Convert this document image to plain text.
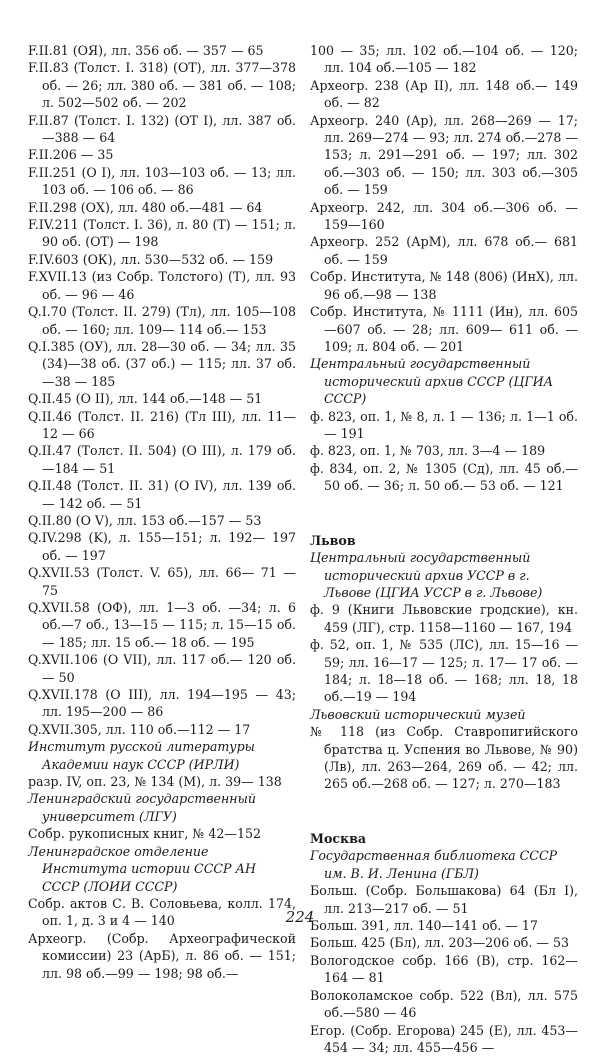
F.II.81 (ОЯ), лл. 356 об. — 357 — 65

F.II.83 (Толст. I. 318) (OT), лл. 377—378 об. — 26; лл. 380 об. — 381 об. — 108; л. 502—502 об. — 202

F.II.87 (Толст. I. 132) (OT I), лл. 387 об. —388 — 64

F.II.206 — 35

F.II.251 (O I), лл. 103—103 об. — 13; лл. 103 об. — 106 об. — 86

F.II.298 (ОХ), лл. 480 об.—481 — 64

F.IV.211 (Толст. I. 36), л. 80 (T) — 151; л. 90 об. (OT) — 198

F.IV.603 (ОК), лл. 530—532 об. — 159

F.XVII.13 (из Собр. Толстого) (T), лл. 93 об. — 96 — 46

Q.I.70 (Толст. II. 279) (Тл), лл. 105—108 об. — 160; лл. 109— 114 об.— 153

Q.I.385 (ОУ), лл. 28—30 об. — 34; лл. 35 (34)—38 об. (37 об.) — 115; лл. 37 об.—38 — 185

Q.II.45 (O II), лл. 144 об.—148 — 51

Q.II.46 (Толст. II. 216) (Тл III), лл. 11—12 — 66

Q.II.47 (Толст. II. 504) (O III), л. 179 об. —184 — 51

Q.II.48 (Толст. II. 31) (O IV), лл. 139 об. — 142 об. — 51

Q.II.80 (O V), лл. 153 об.—157 — 53

Q.IV.298 (K), л. 155—151; л. 192— 197 об. — 197

Q.XVII.53 (Толст. V. 65), лл. 66— 71 — 75

Q.XVII.58 (ОФ), лл. 1—3 об. —34; л. 6 об.—7 об., 13—15 — 115; л. 15—15 об. — 185; лл. 15 об.— 18 об. — 195

Q.XVII.106 (O VII), лл. 117 об.— 120 об. — 50

Q.XVII.178 (O III), лл. 194—195 — 43; лл. 195—200 — 86

Q.XVII.305, лл. 110 об.—112 — 17

Институт русской литературы Академии наук СССР (ИРЛИ)

разр. IV, оп. 23, № 134 (M), л. 39— 138

Ленинградский государственный университет (ЛГУ)

Собр. рукописных книг, № 42—152

Ленинградское отделение Института истории СССР АН СССР (ЛОИИ СССР)

Собр. актов С. В. Соловьева, колл. 174, оп. 1, д. 3 и 4 — 140

Археогр. (Собр. Археографической комиссии) 23 (АрБ), л. 86 об. — 151; лл. 98 об.—99 — 198; 98 об.—

100 — 35; лл. 102 об.—104 об. — 120; лл. 104 об.—105 — 182

Археогр. 238 (Ар II), лл. 148 об.— 149 об. — 82

Археогр. 240 (Ар), лл. 268—269 — 17; лл. 269—274 — 93; лл. 274 об.—278 — 153; л. 291—291 об. — 197; лл. 302 об.—303 об. — 150; лл. 303 об.—305 об. — 159

Археогр. 242, лл. 304 об.—306 об. — 159—160

Археогр. 252 (АрМ), лл. 678 об.— 681 об. — 159

Собр. Института, № 148 (806) (ИнХ), лл. 96 об.—98 — 138

Собр. Института, № 1111 (Ин), лл. 605—607 об. — 28; лл. 609— 611 об. — 109; л. 804 об. — 201

Центральный государственный исторический архив СССР (ЦГИА СССР)

ф. 823, оп. 1, № 8, л. 1 — 136; л. 1—1 об. — 191

ф. 823, оп. 1, № 703, лл. 3—4 — 189

ф. 834, оп. 2, № 1305 (Сд), лл. 45 об.—50 об. — 36; л. 50 об.— 53 об. — 121

Львов

Центральный государственный исторический архив УССР в г. Львове (ЦГИА УССР в г. Львове)

ф. 9 (Книги Львовские гродские), кн. 459 (ЛГ), стр. 1158—1160 — 167, 194

ф. 52, оп. 1, № 535 (ЛС), лл. 15—16 — 59; лл. 16—17 — 125; л. 17— 17 об. — 184; л. 18—18 об. — 168; лл. 18, 18 об.—19 — 194

Львовский исторический музей

№ 118 (из Собр. Ставропигийского братства ц. Успения во Львове, № 90) (Лв), лл. 263—264, 269 об. — 42; лл. 265 об.—268 об. — 127; л. 270—183

Москва

Государственная библиотека СССР им. В. И. Ленина (ГБЛ)

Больш. (Собр. Большакова) 64 (Бл I), лл. 213—217 об. — 51

Больш. 391, лл. 140—141 об. — 17

Больш. 425 (Бл), лл. 203—206 об. — 53

Вологодское собр. 166 (В), стр. 162— 164 — 81

Волоколамское собр. 522 (Вл), лл. 575 об.—580 — 46

Егор. (Собр. Егорова) 245 (Е), лл. 453—454 — 34; лл. 455—456 —

224
